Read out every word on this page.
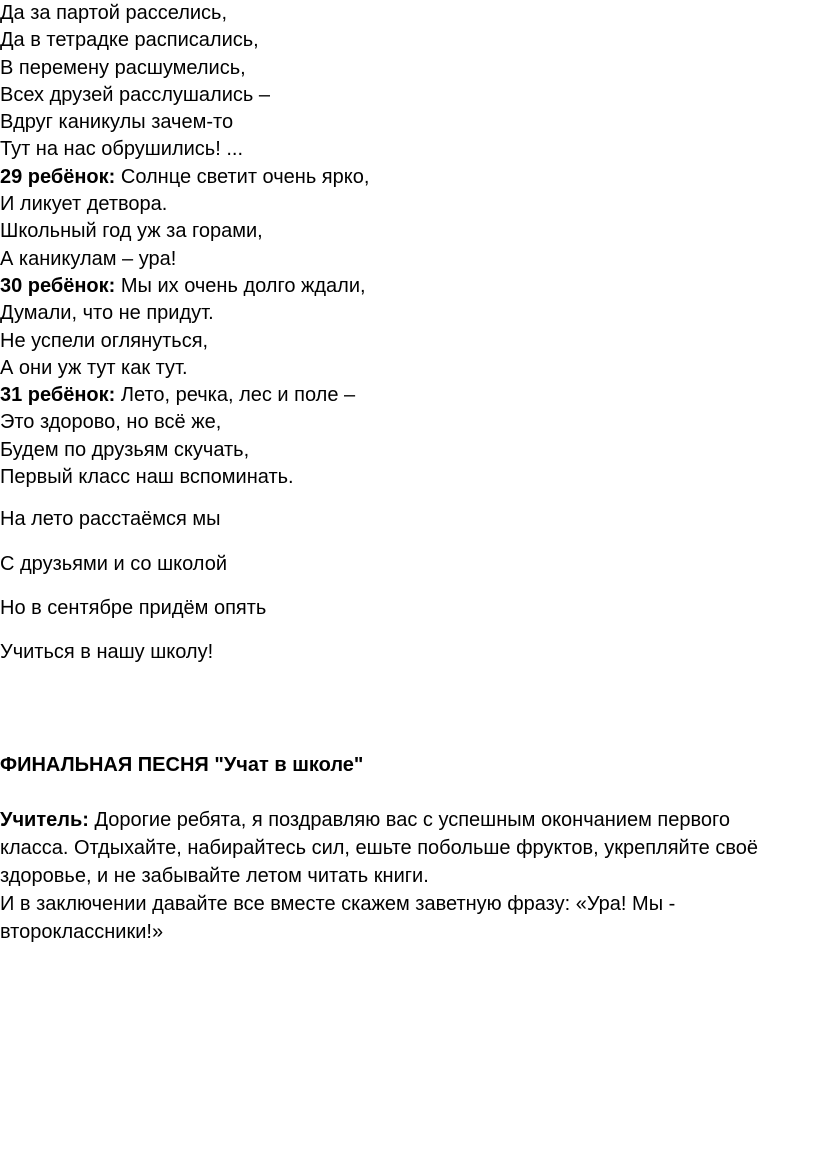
Да за партой расселись,
Да в тетрадке расписались,
В перемену расшумелись,
Всех друзей расслушались –
Вдруг каникулы зачем-то
Тут на нас обрушились! ...
29 ребёнок: Солнце светит очень ярко,
И ликует детвора.
Школьный год уж за горами,
А каникулам – ура!
30 ребёнок: Мы их очень долго ждали,
Думали, что не придут.
Не успели оглянуться,
А они уж тут как тут.
31 ребёнок: Лето, речка, лес и поле –
Это здорово, но всё же,
Будем по друзьям скучать,
Первый класс наш вспоминать.
На лето расстаёмся мы
С друзьями и со школой
Но в сентябре придём опять
Учиться в нашу школу!
ФИНАЛЬНАЯ ПЕСНЯ "Учат в школе"

Учитель: Дорогие ребята, я поздравляю вас с успешным окончанием первого класса. Отдыхайте, набирайтесь сил, ешьте побольше фруктов, укрепляйте своё здоровье, и не забывайте летом читать книги.

И в заключении давайте все вместе скажем заветную фразу: «Ура! Мы - второклассники!»
